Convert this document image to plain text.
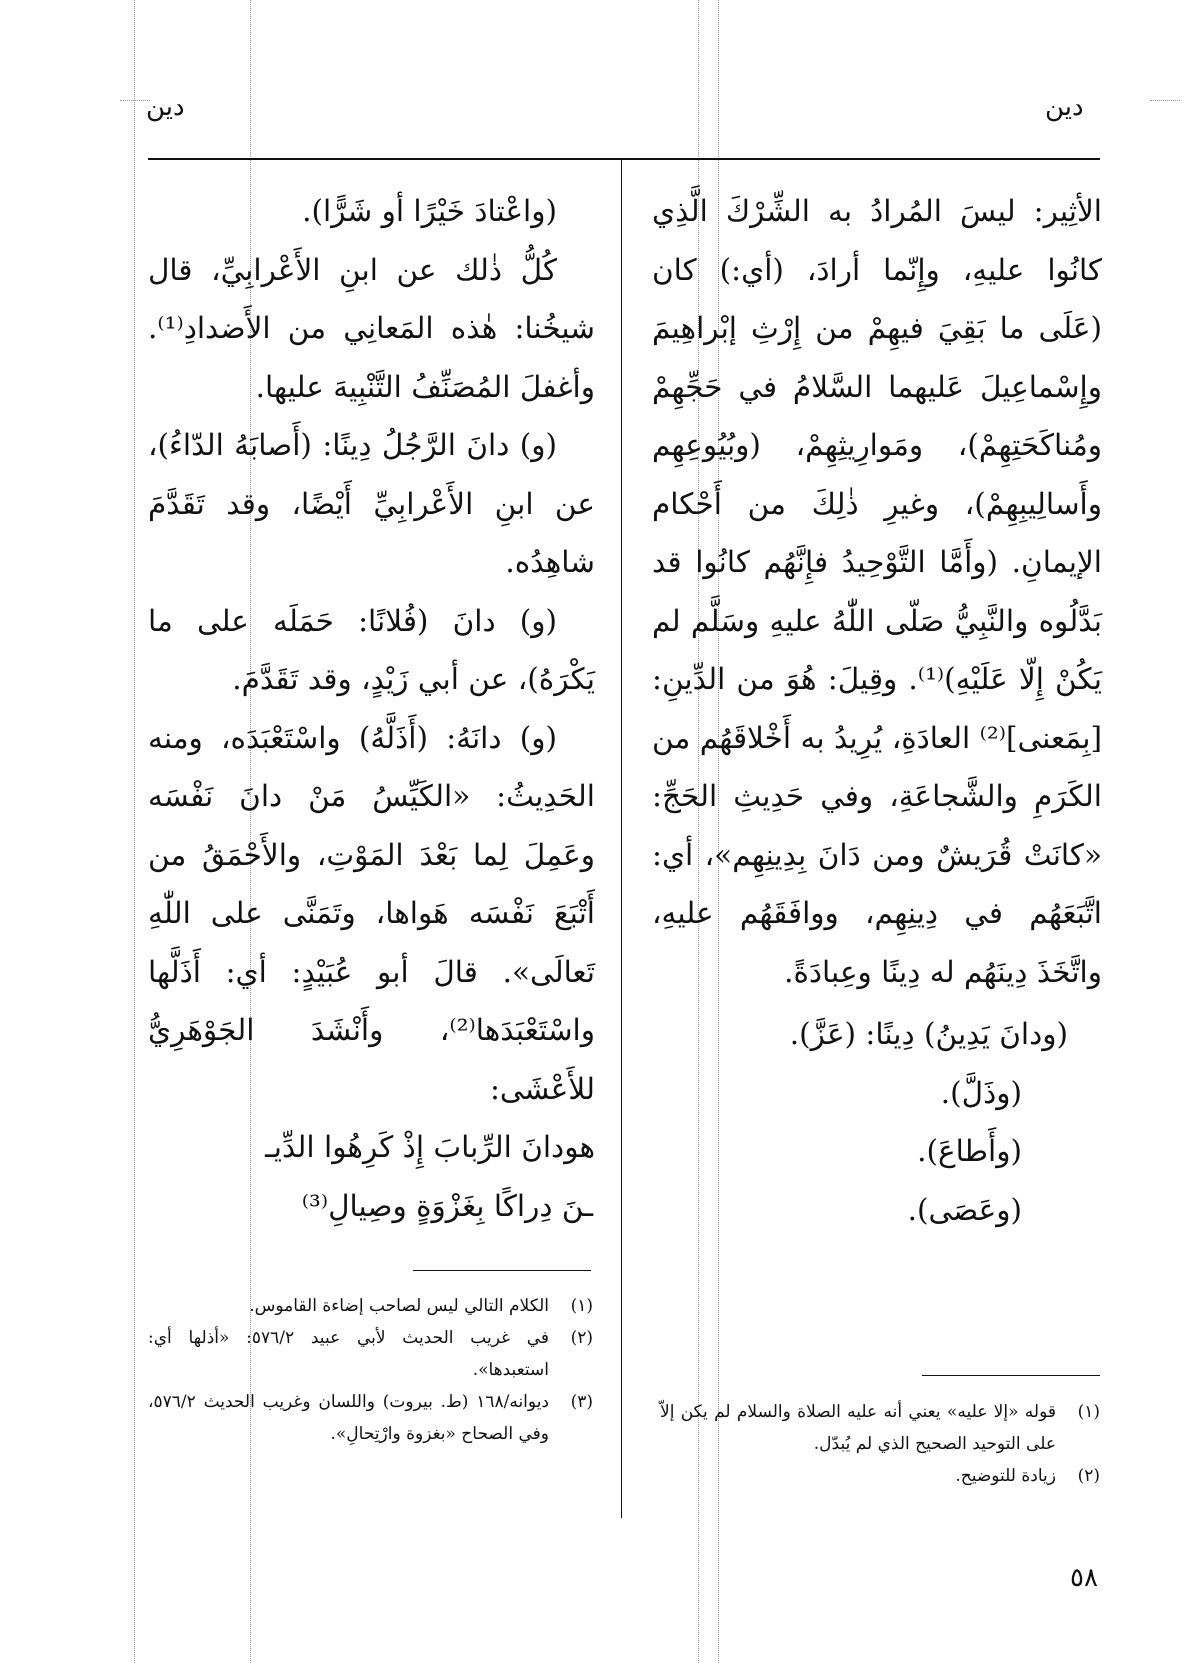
دين
دين

الأثِير: ليسَ المُرادُ به الشِّرْكَ الَّذِي كانُوا عليهِ، وإِنّما أرادَ، (أي:) كان (عَلَى ما بَقِيَ فيهِمْ من إِرْثِ إبْراهِيمَ وإِسْماعِيلَ عَليهما السَّلامُ في حَجِّهِمْ ومُناكَحَتِهِمْ)، ومَوارِيثِهِمْ، (وبُيُوعِهِم وأَسالِيبِهِمْ)، وغيرِ ذٰلِكَ من أَحْكام الإيمانِ. (وأَمَّا التَّوْحِيدُ فإِنَّهُم كانُوا قد بَدَّلُوه والنَّبِيُّ صَلّى اللّٰهُ عليهِ وسَلَّم لم يَكُنْ إِلّا عَلَيْهِ)⁽¹⁾. وقِيلَ: هُوَ من الدِّينِ: [بِمَعنى]⁽²⁾ العادَةِ، يُرِيدُ به أَخْلاقَهُم من الكَرَمِ والشَّجاعَةِ، وفي حَدِيثِ الحَجِّ: «كانَتْ قُرَيشٌ ومن دَانَ بِدِينِهِم»، أي: اتَّبَعَهُم في دِينِهِم، ووافَقَهُم عليهِ، واتَّخَذَ دِينَهُم له دِينًا وعِبادَةً.

(ودانَ يَدِينُ) دِينًا: (عَزَّ).

(وذَلَّ).

(وأَطاعَ).

(وعَصَى).

(واعْتادَ خَيْرًا أو شَرًّا).

كُلُّ ذٰلك عن ابنِ الأَعْرابِيِّ، قال شيخُنا: هٰذه المَعانِي من الأَضدادِ⁽¹⁾. وأغفلَ المُصَنِّفُ التَّنْبِيهَ عليها.

(و) دانَ الرَّجُلُ دِينًا: (أَصابَهُ الدّاءُ)، عن ابنِ الأَعْرابِيِّ أَيْضًا، وقد تَقَدَّمَ شاهِدُه.

(و) دانَ (فُلانًا: حَمَلَه على ما يَكْرَهُ)، عن أبي زَيْدٍ، وقد تَقَدَّمَ.

(و) دانَهُ: (أَذَلَّهُ) واسْتَعْبَدَه، ومنه الحَدِيثُ: «الكَيِّسُ مَنْ دانَ نَفْسَه وعَمِلَ لِما بَعْدَ المَوْتِ، والأَحْمَقُ من أَتْبَعَ نَفْسَه هَواها، وتَمَنَّى على اللّٰهِ تَعالَى». قالَ أبو عُبَيْدٍ: أي: أَذَلَّها واسْتَعْبَدَها⁽²⁾، وأَنْشَدَ الجَوْهَرِيُّ للأَعْشَى:

هودانَ الرِّبابَ إِذْ كَرِهُوا الدِّيـ

ـنَ دِراكًا بِغَزْوَةٍ وصِيالِ⁽³⁾

(١)قوله «إلا عليه» يعني أنه عليه الصلاة والسلام لم يكن إلاّ على التوحيد الصحيح الذي لم يُبدّل.

(٢)زيادة للتوضيح.

(١)الكلام التالي ليس لصاحب إضاءة القاموس.

(٢)في غريب الحديث لأبي عبيد ٥٧٦/٢: «أذلها أي: استعبدها».

(٣)ديوانه/١٦٨ (ط. بيروت) واللسان وغريب الحديث ٥٧٦/٢، وفي الصحاح «بغزوة وارْتِحالِ».

٥٨
